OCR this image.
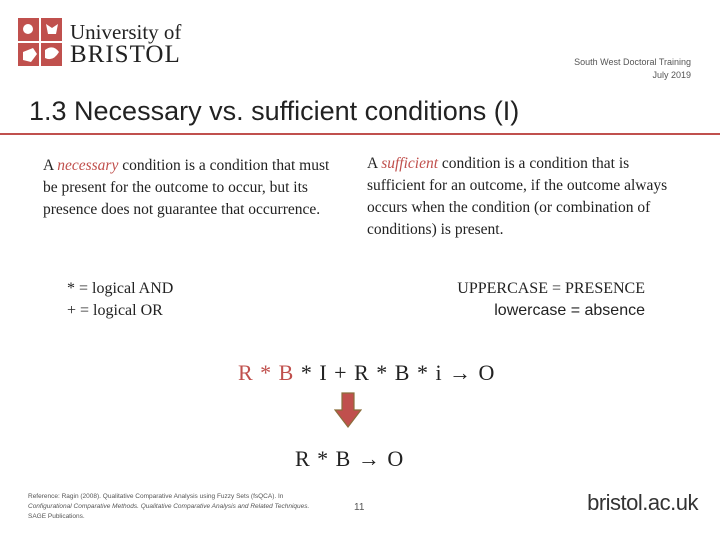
University of
BRISTOL	South West Doctoral Training
July 2019
1.3 Necessary vs. sufficient conditions (I)
A necessary condition is a condition that must be present for the outcome to occur, but its presence does not guarantee that occurrence.
A sufficient condition is a condition that is sufficient for an outcome, if the outcome always occurs when the condition (or combination of conditions) is present.
* = logical AND
+ = logical OR
UPPERCASE = PRESENCE
lowercase = absence
R * B * I + R * B * i → O
R * B → O
Reference: Ragin (2008). Qualitative Comparative Analysis using Fuzzy Sets (fsQCA). In Configurational Comparative Methods. Qualitative Comparative Analysis and Related Techniques. SAGE Publications.
11	bristol.ac.uk
